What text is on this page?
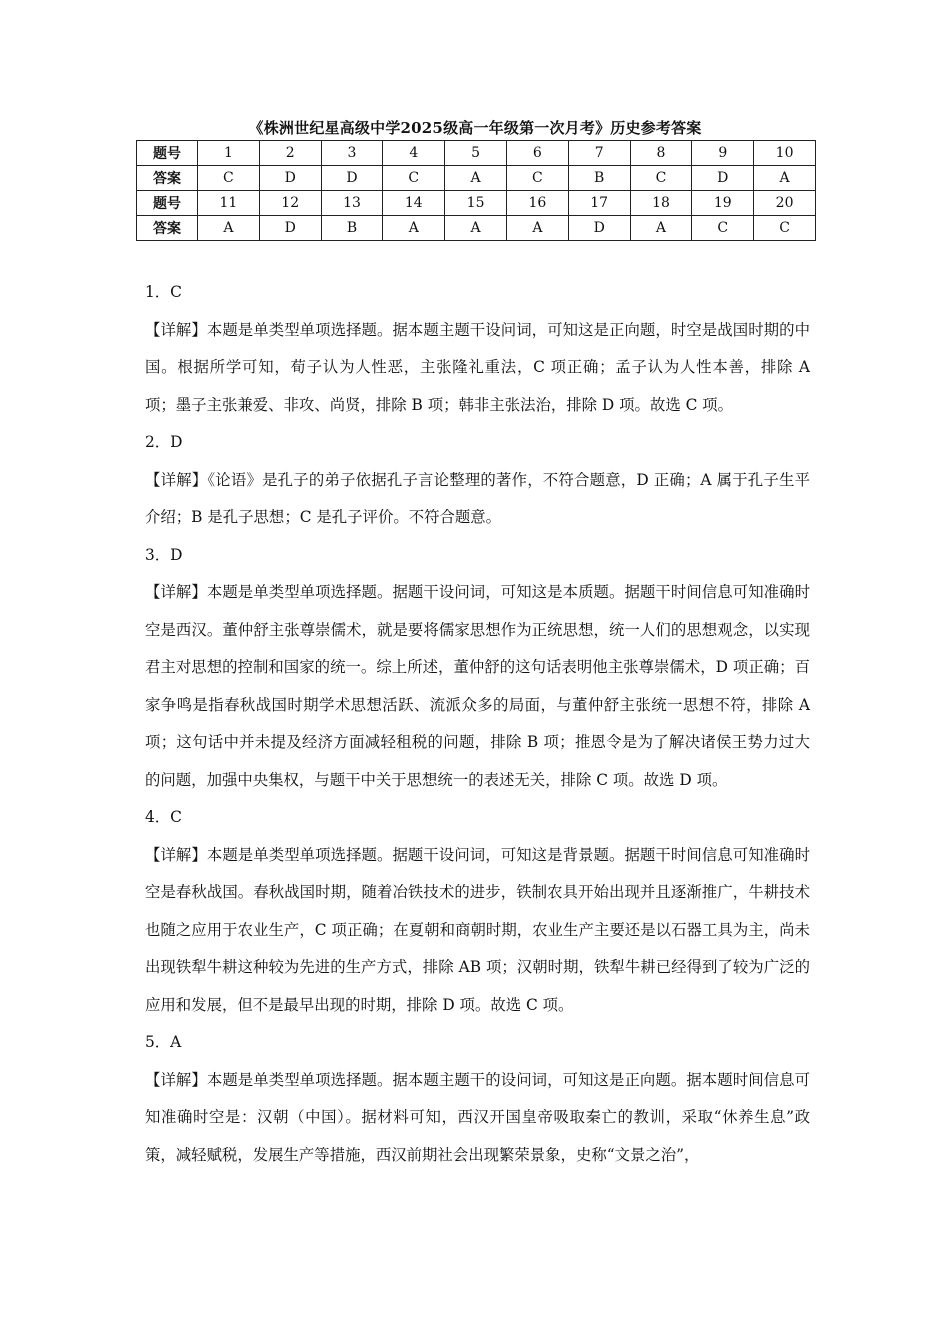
《株洲世纪星高级中学2025级高一年级第一次月考》历史参考答案
题号	1	2	3	4	5	6	7	8	9	10
答案	C	D	D	C	A	C	B	C	D	A
题号	11	12	13	14	15	16	17	18	19	20
答案	A	D	B	A	A	A	D	A	C	C

1．C

【详解】本题是单类型单项选择题。据本题主题干设问词，可知这是正向题，时空是战国时期的中国。根据所学可知，荀子认为人性恶，主张隆礼重法，C 项正确；孟子认为人性本善，排除 A 项；墨子主张兼爱、非攻、尚贤，排除 B 项；韩非主张法治，排除 D 项。故选 C 项。

2．D

【详解】《论语》是孔子的弟子依据孔子言论整理的著作，不符合题意，D 正确；A 属于孔子生平介绍；B 是孔子思想；C 是孔子评价。不符合题意。

3．D

【详解】本题是单类型单项选择题。据题干设问词，可知这是本质题。据题干时间信息可知准确时空是西汉。董仲舒主张尊崇儒术，就是要将儒家思想作为正统思想，统一人们的思想观念，以实现君主对思想的控制和国家的统一。综上所述，董仲舒的这句话表明他主张尊崇儒术，D 项正确；百家争鸣是指春秋战国时期学术思想活跃、流派众多的局面，与董仲舒主张统一思想不符，排除 A 项；这句话中并未提及经济方面减轻租税的问题，排除 B 项；推恩令是为了解决诸侯王势力过大的问题，加强中央集权，与题干中关于思想统一的表述无关，排除 C 项。故选 D 项。

4．C

【详解】本题是单类型单项选择题。据题干设问词，可知这是背景题。据题干时间信息可知准确时空是春秋战国。春秋战国时期，随着冶铁技术的进步，铁制农具开始出现并且逐渐推广，牛耕技术也随之应用于农业生产，C 项正确；在夏朝和商朝时期，农业生产主要还是以石器工具为主，尚未出现铁犁牛耕这种较为先进的生产方式，排除 AB 项；汉朝时期，铁犁牛耕已经得到了较为广泛的应用和发展，但不是最早出现的时期，排除 D 项。故选 C 项。

5．A

【详解】本题是单类型单项选择题。据本题主题干的设问词，可知这是正向题。据本题时间信息可知准确时空是：汉朝（中国）。据材料可知，西汉开国皇帝吸取秦亡的教训，采取“休养生息”政策，减轻赋税，发展生产等措施，西汉前期社会出现繁荣景象，史称“文景之治”，
